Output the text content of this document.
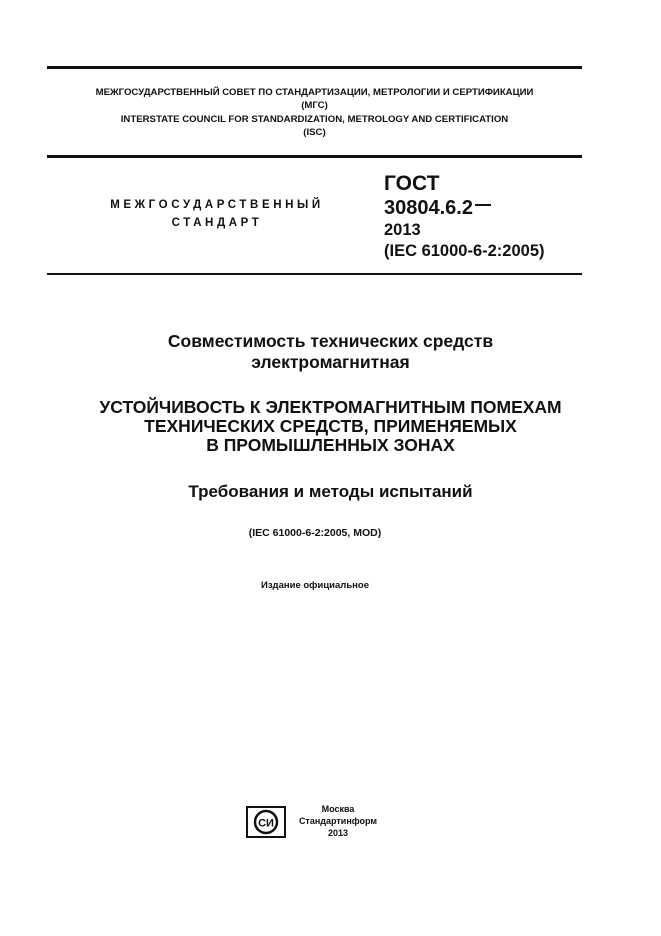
МЕЖГОСУДАРСТВЕННЫЙ СОВЕТ ПО СТАНДАРТИЗАЦИИ, МЕТРОЛОГИИ И СЕРТИФИКАЦИИ
(МГС)
INTERSTATE COUNCIL FOR STANDARDIZATION, METROLOGY AND CERTIFICATION
(ISC)
МЕЖГОСУДАРСТВЕННЫЙ
СТАНДАРТ
ГОСТ
30804.6.2
2013
(IEC 61000-6-2:2005)
Совместимость технических средств
электромагнитная
УСТОЙЧИВОСТЬ К ЭЛЕКТРОМАГНИТНЫМ ПОМЕХАМ
ТЕХНИЧЕСКИХ СРЕДСТВ, ПРИМЕНЯЕМЫХ
В ПРОМЫШЛЕННЫХ ЗОНАХ
Требования и методы испытаний
(IEC 61000-6-2:2005, MOD)
Издание официальное
СИ
Москва
Стандартинформ
2013
